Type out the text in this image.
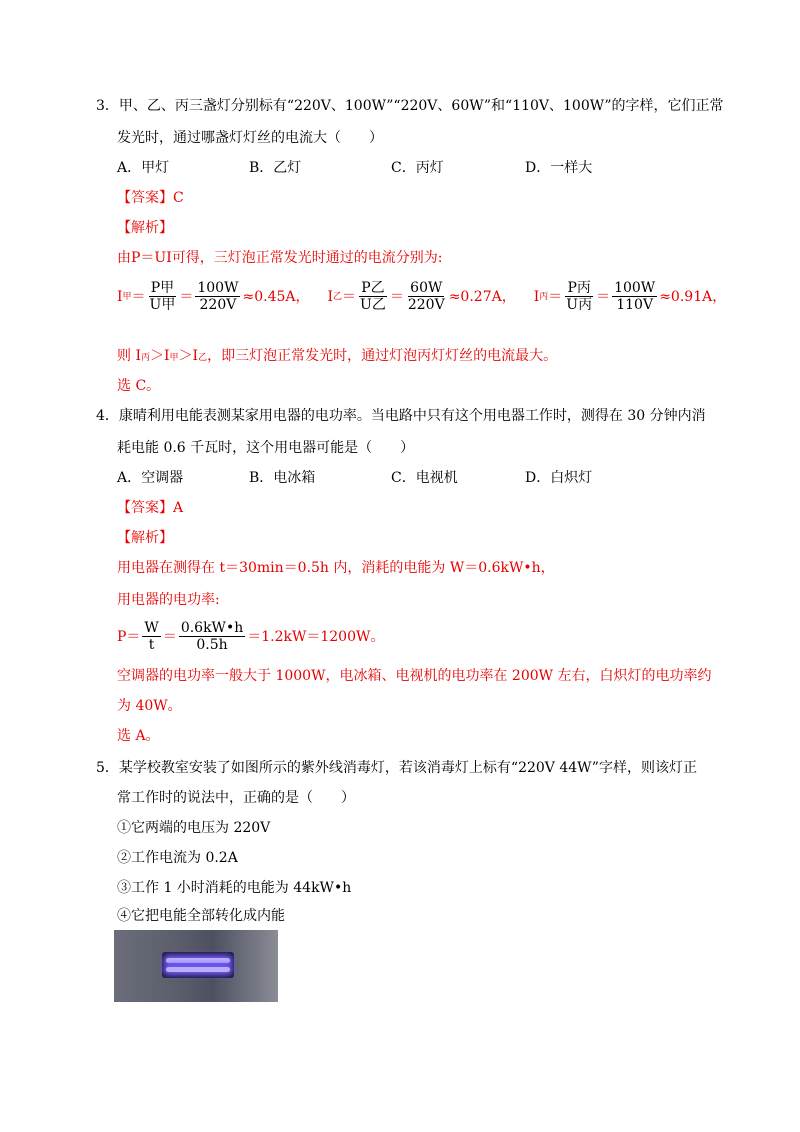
3．甲、乙、丙三盏灯分别标有“220V、100W”“220V、60W”和“110V、100W”的字样，它们正常
发光时，通过哪盏灯灯丝的电流大（　　）
A．甲灯	B．乙灯	C．丙灯	D．一样大
【答案】C
【解析】
由P＝UI可得，三灯泡正常发光时通过的电流分别为:
I 甲 ＝ $\frac{\text{P甲}}{\text{U甲}} = \frac{100W}{220V} \approx 0.45A$， I 乙 ＝ $\frac{\text{P乙}}{\text{U乙}} = \frac{60W}{220V} \approx 0.27A$， I 丙 ＝ $\frac{\text{P丙}}{\text{U丙}} = \frac{100W}{110V} \approx 0.91A$，
则 I丙＞I甲＞I乙，即三灯泡正常发光时，通过灯泡丙灯灯丝的电流最大。
选 C。
4．康晴利用电能表测某家用电器的电功率。当电路中只有这个用电器工作时，测得在 30 分钟内消
耗电能 0.6 千瓦时，这个用电器可能是（　　）
A．空调器	B．电冰箱	C．电视机	D．白炽灯
【答案】A
【解析】
用电器在测得在 t＝30min＝0.5h 内，消耗的电能为 W＝0.6kW•h，
用电器的电功率:
$P= \frac{W}{t} = \frac{0.6kW•h}{0.5h} =1.2kW=1200W$。
空调器的电功率一般大于 1000W，电冰箱、电视机的电功率在 200W 左右，白炽灯的电功率约
为 40W。
选 A。
5．某学校教室安装了如图所示的紫外线消毒灯，若该消毒灯上标有“220V 44W”字样，则该灯正
常工作时的说法中，正确的是（　　）
①它两端的电压为 220V
②工作电流为 0.2A
③工作 1 小时消耗的电能为 44kW•h
④它把电能全部转化成内能
